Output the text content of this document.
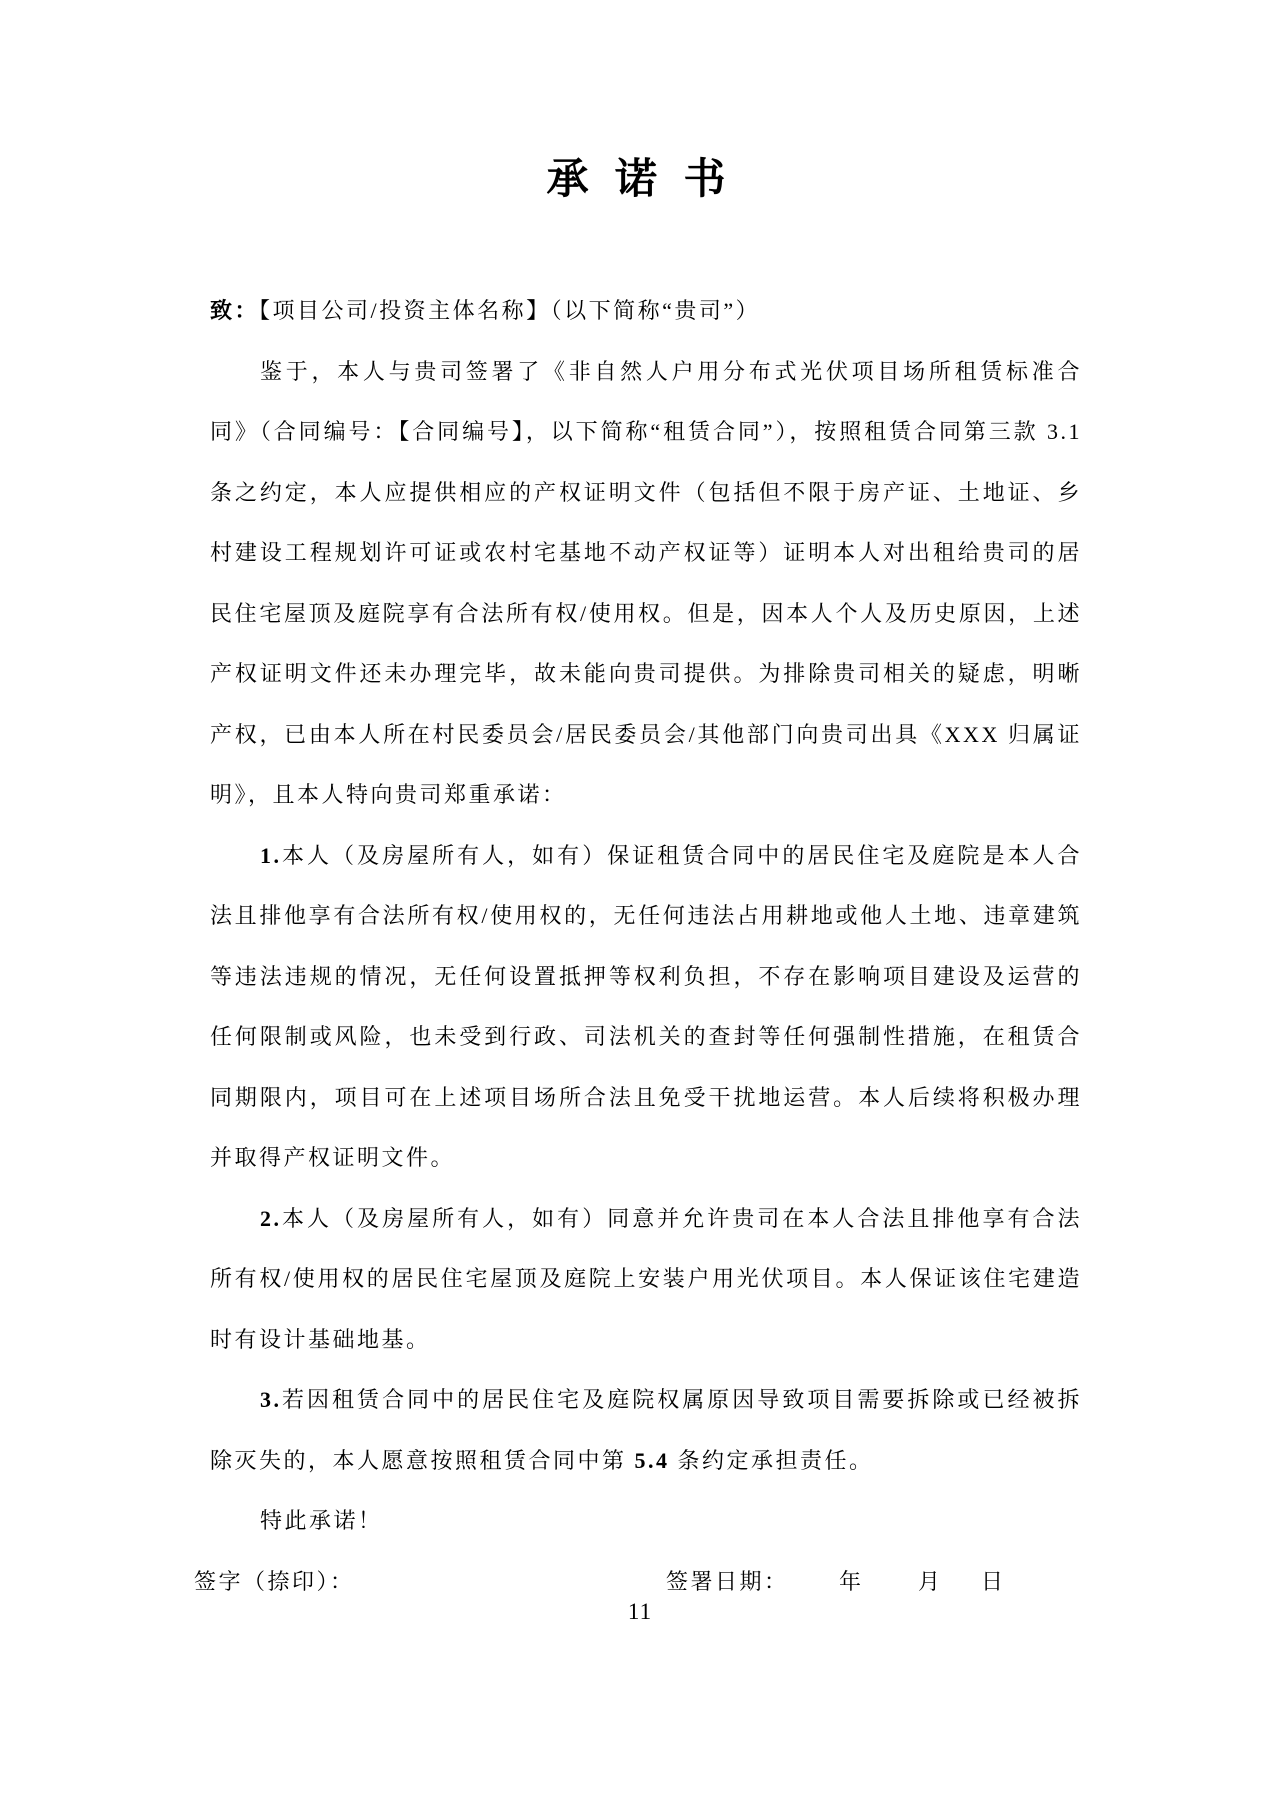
承 诺 书

致：【项目公司/投资主体名称】（以下简称“贵司”）

鉴于，本人与贵司签署了《非自然人户用分布式光伏项目场所租赁标准合同》（合同编号：【合同编号】，以下简称“租赁合同”），按照租赁合同第三款 3.1 条之约定，本人应提供相应的产权证明文件（包括但不限于房产证、土地证、乡村建设工程规划许可证或农村宅基地不动产权证等）证明本人对出租给贵司的居民住宅屋顶及庭院享有合法所有权/使用权。但是，因本人个人及历史原因，上述产权证明文件还未办理完毕，故未能向贵司提供。为排除贵司相关的疑虑，明晰产权，已由本人所在村民委员会/居民委员会/其他部门向贵司出具《XXX 归属证明》，且本人特向贵司郑重承诺：

1.本人（及房屋所有人，如有）保证租赁合同中的居民住宅及庭院是本人合法且排他享有合法所有权/使用权的，无任何违法占用耕地或他人土地、违章建筑等违法违规的情况，无任何设置抵押等权利负担，不存在影响项目建设及运营的任何限制或风险，也未受到行政、司法机关的查封等任何强制性措施，在租赁合同期限内，项目可在上述项目场所合法且免受干扰地运营。本人后续将积极办理并取得产权证明文件。

2.本人（及房屋所有人，如有）同意并允许贵司在本人合法且排他享有合法所有权/使用权的居民住宅屋顶及庭院上安装户用光伏项目。本人保证该住宅建造时有设计基础地基。

3.若因租赁合同中的居民住宅及庭院权属原因导致项目需要拆除或已经被拆除灭失的，本人愿意按照租赁合同中第 5.4 条约定承担责任。

特此承诺！

签字（捺印）：	签署日期： 年 月 日
11
